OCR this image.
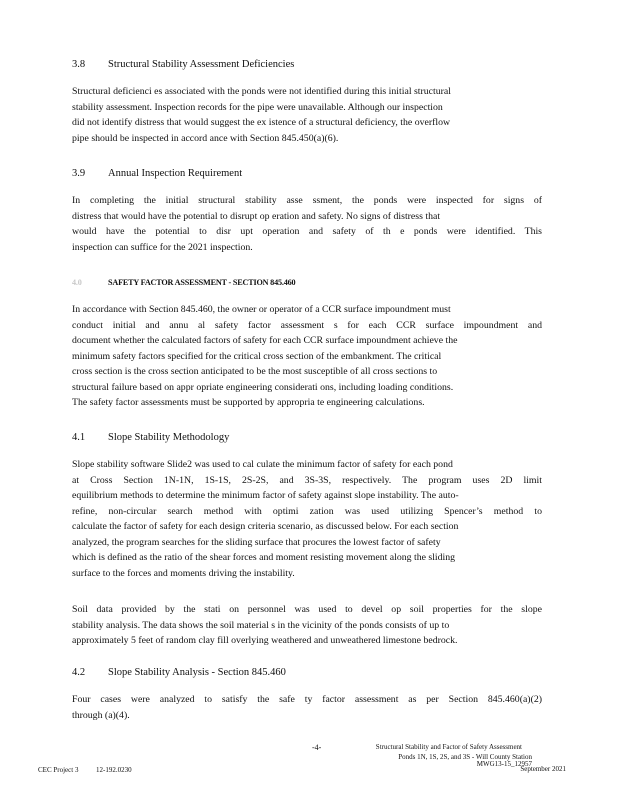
3.8 Structural Stability Assessment Deficiencies
Structural deficienci es associated with the ponds were not identified during this initial structural
stability assessment. Inspection records for the pipe were unavailable. Although our inspection
did not identify distress that would suggest the ex istence of a structural deficiency, the overflow
pipe should be inspected in accord ance with Section 845.450(a)(6).
3.9 Annual Inspection Requirement
In completing the initial structural stability asse ssment, the ponds were inspected for signs of
distress that would have the potential to disrupt op eration and safety. No signs of distress that
would have the potential to disr upt operation and safety of th e ponds were identified. This
inspection can suffice for the 2021 inspection.
4.0	SAFETY FACTOR ASSESSMENT - SECTION 845.460
In accordance with Section 845.460, the owner or operator of a CCR surface impoundment must
conduct initial and annu al safety factor assessment s for each CCR surface impoundment and
document whether the calculated factors of safety for each CCR surface impoundment achieve the
minimum safety factors specified for the critical cross section of the embankment. The critical
cross section is the cross section anticipated to be the most susceptible of all cross sections to
structural failure based on appr opriate engineering considerati ons, including loading conditions.
The safety factor assessments must be supported by appropria te engineering calculations.
4.1 Slope Stability Methodology
Slope stability software Slide2 was used to cal culate the minimum factor of safety for each pond
at Cross Section 1N-1N, 1S-1S, 2S-2S, and 3S-3S, respectively. The program uses 2D limit
equilibrium methods to determine the minimum factor of safety against slope instability. The auto-
refine, non-circular search method with optimi zation was used utilizing Spencer’s method to
calculate the factor of safety for each design criteria scenario, as discussed below. For each section
analyzed, the program searches for the sliding surface that procures the lowest factor of safety
which is defined as the ratio of the shear forces and moment resisting movement along the sliding
surface to the forces and moments driving the instability.
Soil data provided by the stati on personnel was used to devel op soil properties for the slope
stability analysis. The data shows the soil material s in the vicinity of the ponds consists of up to
approximately 5 feet of random clay fill overlying weathered and unweathered limestone bedrock.
4.2 Slope Stability Analysis - Section 845.460
Four cases were analyzed to satisfy the safe ty factor assessment as per Section 845.460(a)(2)
through (a)(4).
-4-	Structural Stability and Factor of Safety Assessment
Ponds 1N, 1S, 2S, and 3S - Will County Station
MWG13-15_12957
September 2021
CEC Project 3	12-192.0230
